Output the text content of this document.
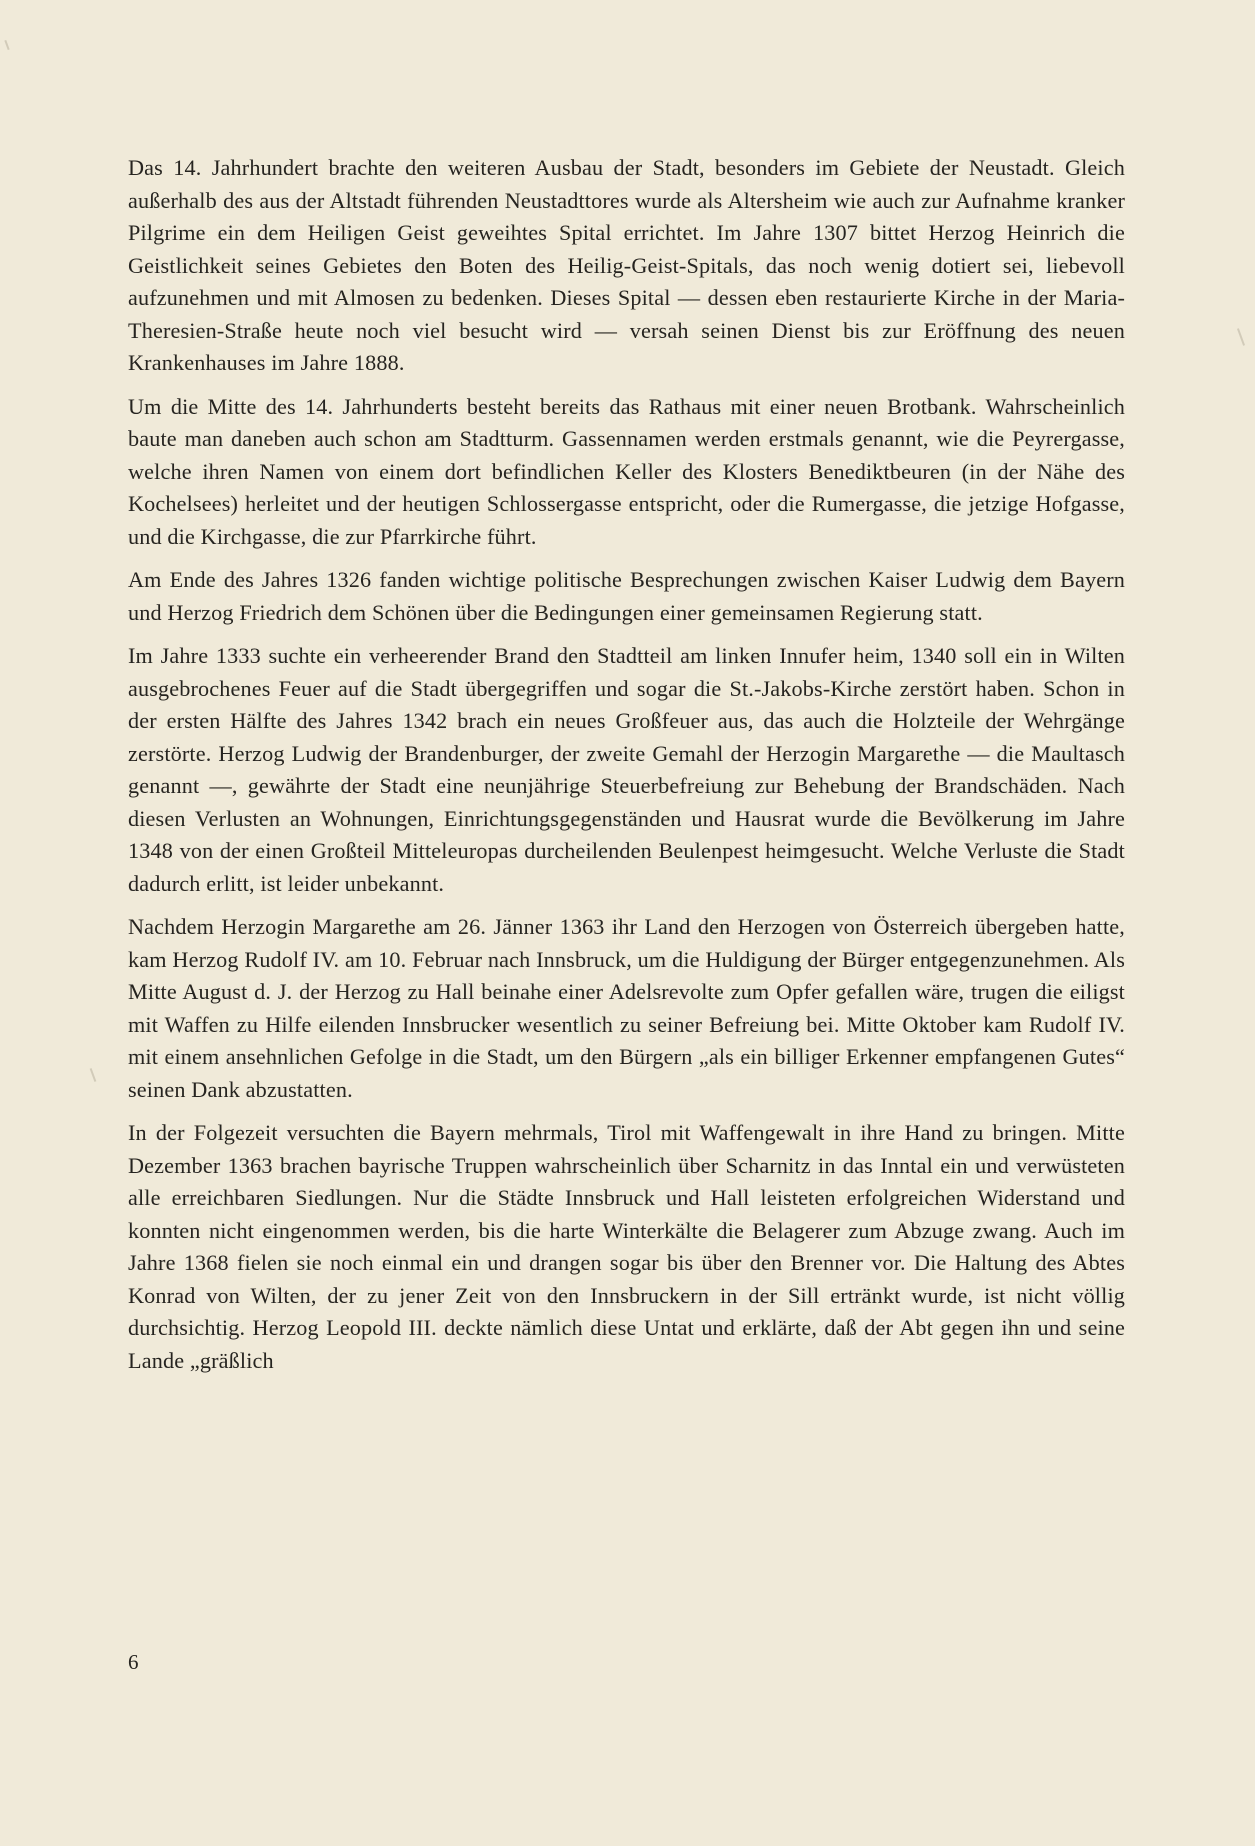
Das 14. Jahrhundert brachte den weiteren Ausbau der Stadt, besonders im Gebiete der Neustadt. Gleich außerhalb des aus der Altstadt führenden Neustadttores wurde als Altersheim wie auch zur Aufnahme kranker Pilgrime ein dem Heiligen Geist geweihtes Spital errichtet. Im Jahre 1307 bittet Herzog Heinrich die Geistlichkeit seines Gebietes den Boten des Heilig-Geist-Spitals, das noch wenig dotiert sei, liebevoll aufzunehmen und mit Almosen zu bedenken. Dieses Spital — dessen eben restaurierte Kirche in der Maria-Theresien-Straße heute noch viel besucht wird — versah seinen Dienst bis zur Eröffnung des neuen Krankenhauses im Jahre 1888.

Um die Mitte des 14. Jahrhunderts besteht bereits das Rathaus mit einer neuen Brotbank. Wahrscheinlich baute man daneben auch schon am Stadtturm. Gassennamen werden erstmals genannt, wie die Peyrergasse, welche ihren Namen von einem dort befindlichen Keller des Klosters Benediktbeuren (in der Nähe des Kochelsees) herleitet und der heutigen Schlossergasse entspricht, oder die Rumergasse, die jetzige Hofgasse, und die Kirchgasse, die zur Pfarrkirche führt.

Am Ende des Jahres 1326 fanden wichtige politische Besprechungen zwischen Kaiser Ludwig dem Bayern und Herzog Friedrich dem Schönen über die Bedingungen einer gemeinsamen Regierung statt.

Im Jahre 1333 suchte ein verheerender Brand den Stadtteil am linken Innufer heim, 1340 soll ein in Wilten ausgebrochenes Feuer auf die Stadt übergegriffen und sogar die St.-Jakobs-Kirche zerstört haben. Schon in der ersten Hälfte des Jahres 1342 brach ein neues Großfeuer aus, das auch die Holzteile der Wehrgänge zerstörte. Herzog Ludwig der Brandenburger, der zweite Gemahl der Herzogin Margarethe — die Maultasch genannt —, gewährte der Stadt eine neunjährige Steuerbefreiung zur Behebung der Brandschäden. Nach diesen Verlusten an Wohnungen, Einrichtungsgegenständen und Hausrat wurde die Bevölkerung im Jahre 1348 von der einen Großteil Mitteleuropas durcheilenden Beulenpest heimgesucht. Welche Verluste die Stadt dadurch erlitt, ist leider unbekannt.

Nachdem Herzogin Margarethe am 26. Jänner 1363 ihr Land den Herzogen von Österreich übergeben hatte, kam Herzog Rudolf IV. am 10. Februar nach Innsbruck, um die Huldigung der Bürger entgegenzunehmen. Als Mitte August d. J. der Herzog zu Hall beinahe einer Adelsrevolte zum Opfer gefallen wäre, trugen die eiligst mit Waffen zu Hilfe eilenden Innsbrucker wesentlich zu seiner Befreiung bei. Mitte Oktober kam Rudolf IV. mit einem ansehnlichen Gefolge in die Stadt, um den Bürgern „als ein billiger Erkenner empfangenen Gutes“ seinen Dank abzustatten.

In der Folgezeit versuchten die Bayern mehrmals, Tirol mit Waffengewalt in ihre Hand zu bringen. Mitte Dezember 1363 brachen bayrische Truppen wahrscheinlich über Scharnitz in das Inntal ein und verwüsteten alle erreichbaren Siedlungen. Nur die Städte Innsbruck und Hall leisteten erfolgreichen Widerstand und konnten nicht eingenommen werden, bis die harte Winterkälte die Belagerer zum Abzuge zwang. Auch im Jahre 1368 fielen sie noch einmal ein und drangen sogar bis über den Brenner vor. Die Haltung des Abtes Konrad von Wilten, der zu jener Zeit von den Innsbruckern in der Sill ertränkt wurde, ist nicht völlig durchsichtig. Herzog Leopold III. deckte nämlich diese Untat und erklärte, daß der Abt gegen ihn und seine Lande „gräßlich

6
